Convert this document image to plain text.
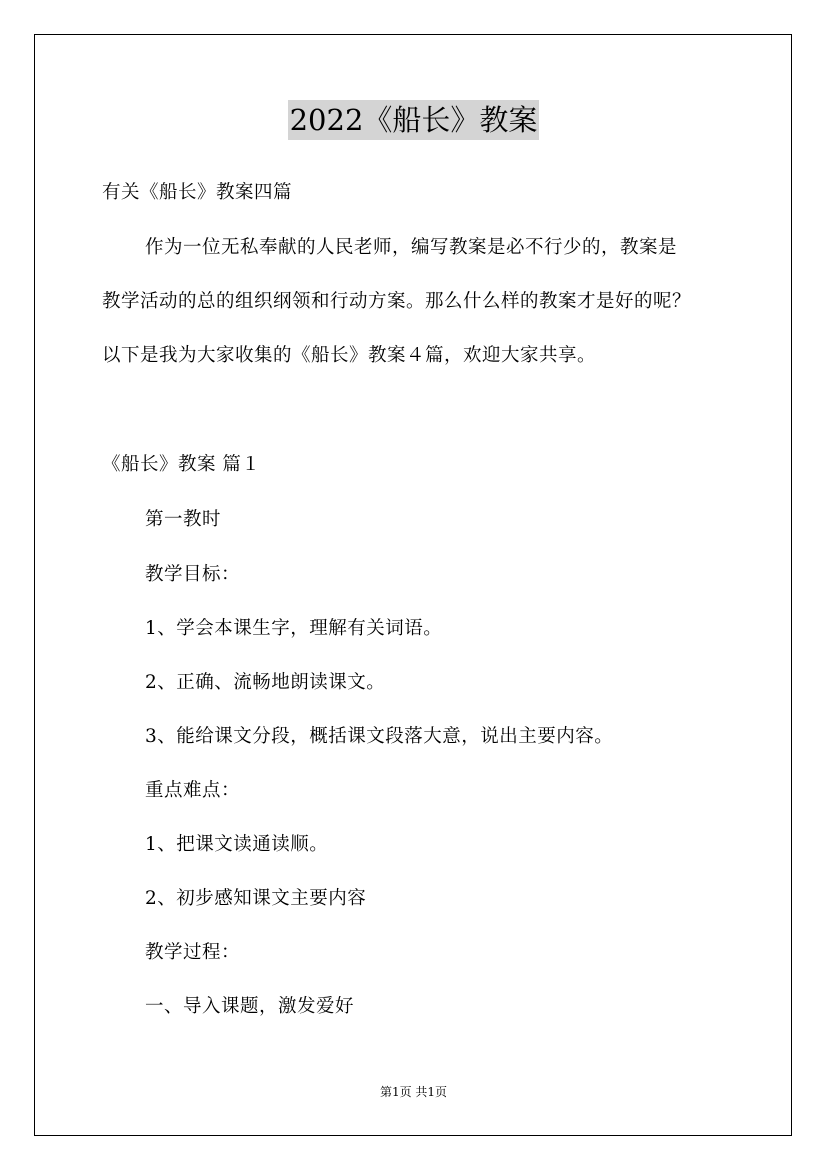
2022《船长》教案
有关《船长》教案四篇
作为一位无私奉献的人民老师，编写教案是必不行少的，教案是
教学活动的总的组织纲领和行动方案。那么什么样的教案才是好的呢？
以下是我为大家收集的《船长》教案４篇，欢迎大家共享。
《船长》教案 篇１
第一教时
教学目标：
1、学会本课生字，理解有关词语。
2、正确、流畅地朗读课文。
3、能给课文分段，概括课文段落大意，说出主要内容。
重点难点：
1、把课文读通读顺。
2、初步感知课文主要内容
教学过程：
一、导入课题，激发爱好
第1页 共1页
